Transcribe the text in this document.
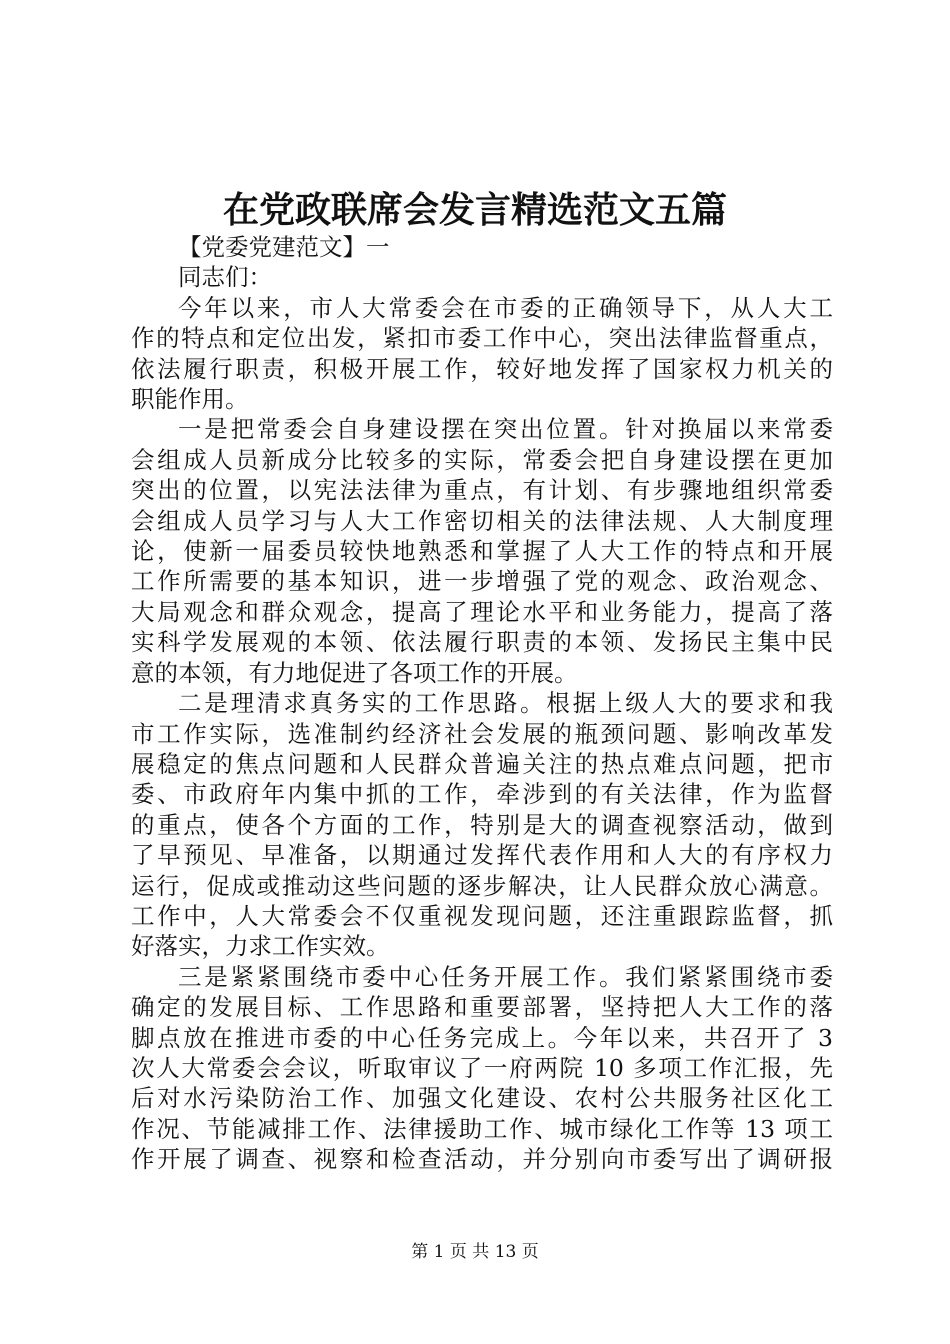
在党政联席会发言精选范文五篇
【党委党建范文】一
同志们：
今年以来，市人大常委会在市委的正确领导下，从人大工
作的特点和定位出发，紧扣市委工作中心，突出法律监督重点，
依法履行职责，积极开展工作，较好地发挥了国家权力机关的
职能作用。
一是把常委会自身建设摆在突出位置。针对换届以来常委
会组成人员新成分比较多的实际，常委会把自身建设摆在更加
突出的位置，以宪法法律为重点，有计划、有步骤地组织常委
会组成人员学习与人大工作密切相关的法律法规、人大制度理
论，使新一届委员较快地熟悉和掌握了人大工作的特点和开展
工作所需要的基本知识，进一步增强了党的观念、政治观念、
大局观念和群众观念，提高了理论水平和业务能力，提高了落
实科学发展观的本领、依法履行职责的本领、发扬民主集中民
意的本领，有力地促进了各项工作的开展。
二是理清求真务实的工作思路。根据上级人大的要求和我
市工作实际，选准制约经济社会发展的瓶颈问题、影响改革发
展稳定的焦点问题和人民群众普遍关注的热点难点问题，把市
委、市政府年内集中抓的工作，牵涉到的有关法律，作为监督
的重点，使各个方面的工作，特别是大的调查视察活动，做到
了早预见、早准备，以期通过发挥代表作用和人大的有序权力
运行，促成或推动这些问题的逐步解决，让人民群众放心满意。
工作中，人大常委会不仅重视发现问题，还注重跟踪监督，抓
好落实，力求工作实效。
三是紧紧围绕市委中心任务开展工作。我们紧紧围绕市委
确定的发展目标、工作思路和重要部署，坚持把人大工作的落
脚点放在推进市委的中心任务完成上。今年以来，共召开了 3
次人大常委会会议，听取审议了一府两院 10 多项工作汇报，先
后对水污染防治工作、加强文化建设、农村公共服务社区化工
作况、节能减排工作、法律援助工作、城市绿化工作等 13 项工
作开展了调查、视察和检查活动，并分别向市委写出了调研报
第 1 页 共 13 页
